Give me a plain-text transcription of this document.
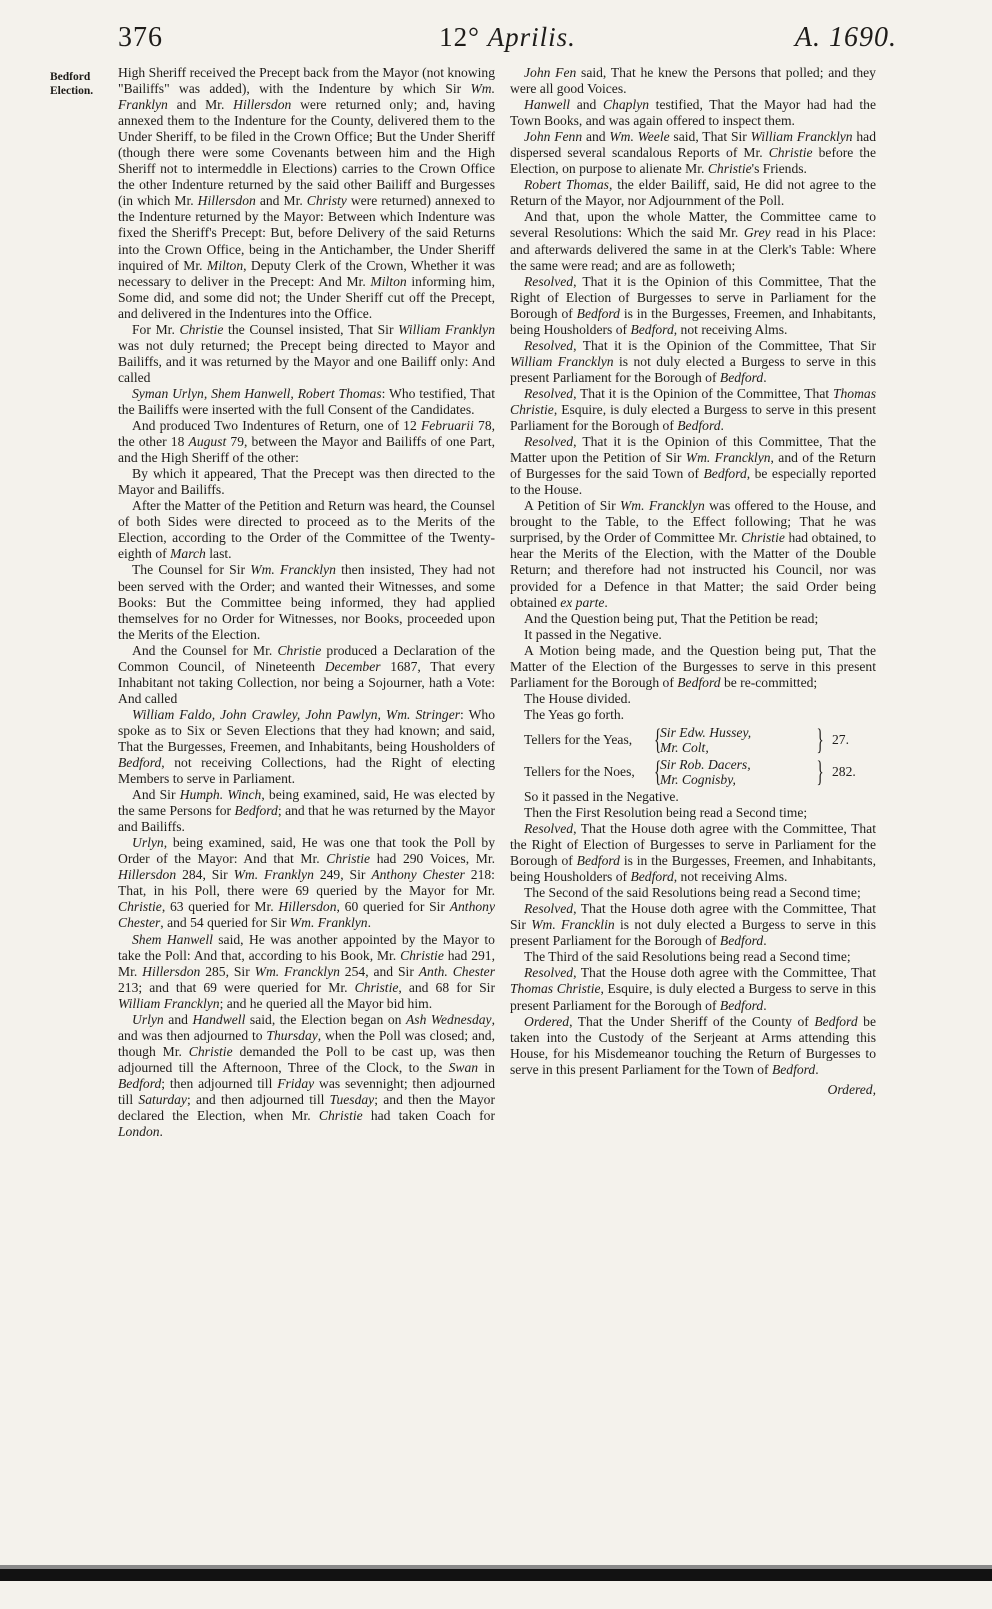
376	12° Aprilis.	A. 1690.
Bedford Election.

High Sheriff received the Precept back from the Mayor (not knowing "Bailiffs" was added), with the Indenture by which Sir Wm. Franklyn and Mr. Hillersdon were returned only; and, having annexed them to the Indenture for the County, delivered them to the Under Sheriff, to be filed in the Crown Office; But the Under Sheriff (though there were some Covenants between him and the High Sheriff not to intermeddle in Elections) carries to the Crown Office the other Indenture returned by the said other Bailiff and Burgesses (in which Mr. Hillersdon and Mr. Christy were returned) annexed to the Indenture returned by the Mayor: Between which Indenture was fixed the Sheriff's Precept: But, before Delivery of the said Returns into the Crown Office, being in the Antichamber, the Under Sheriff inquired of Mr. Milton, Deputy Clerk of the Crown, Whether it was necessary to deliver in the Precept: And Mr. Milton informing him, Some did, and some did not; the Under Sheriff cut off the Precept, and delivered in the Indentures into the Office.

For Mr. Christie the Counsel insisted, That Sir William Franklyn was not duly returned; the Precept being directed to Mayor and Bailiffs, and it was returned by the Mayor and one Bailiff only: And called

Syman Urlyn, Shem Hanwell, Robert Thomas: Who testified, That the Bailiffs were inserted with the full Consent of the Candidates.

And produced Two Indentures of Return, one of 12 Februarii 78, the other 18 August 79, between the Mayor and Bailiffs of one Part, and the High Sheriff of the other:

By which it appeared, That the Precept was then directed to the Mayor and Bailiffs.

After the Matter of the Petition and Return was heard, the Counsel of both Sides were directed to proceed as to the Merits of the Election, according to the Order of the Committee of the Twenty-eighth of March last.

The Counsel for Sir Wm. Francklyn then insisted, They had not been served with the Order; and wanted their Witnesses, and some Books: But the Committee being informed, they had applied themselves for no Order for Witnesses, nor Books, proceeded upon the Merits of the Election.

And the Counsel for Mr. Christie produced a Declaration of the Common Council, of Nineteenth December 1687, That every Inhabitant not taking Collection, nor being a Sojourner, hath a Vote: And called

William Faldo, John Crawley, John Pawlyn, Wm. Stringer: Who spoke as to Six or Seven Elections that they had known; and said, That the Burgesses, Freemen, and Inhabitants, being Housholders of Bedford, not receiving Collections, had the Right of electing Members to serve in Parliament.

And Sir Humph. Winch, being examined, said, He was elected by the same Persons for Bedford; and that he was returned by the Mayor and Bailiffs.

Urlyn, being examined, said, He was one that took the Poll by Order of the Mayor: And that Mr. Christie had 290 Voices, Mr. Hillersdon 284, Sir Wm. Franklyn 249, Sir Anthony Chester 218: That, in his Poll, there were 69 queried by the Mayor for Mr. Christie, 63 queried for Mr. Hillersdon, 60 queried for Sir Anthony Chester, and 54 queried for Sir Wm. Franklyn.

Shem Hanwell said, He was another appointed by the Mayor to take the Poll: And that, according to his Book, Mr. Christie had 291, Mr. Hillersdon 285, Sir Wm. Francklyn 254, and Sir Anth. Chester 213; and that 69 were queried for Mr. Christie, and 68 for Sir William Francklyn; and he queried all the Mayor bid him.

Urlyn and Handwell said, the Election began on Ash Wednesday, and was then adjourned to Thursday, when the Poll was closed; and, though Mr. Christie demanded the Poll to be cast up, was then adjourned till the Afternoon, Three of the Clock, to the Swan in Bedford; then adjourned till Friday was sevennight; then adjourned till Saturday; and then adjourned till Tuesday; and then the Mayor declared the Election, when Mr. Christie had taken Coach for London.

John Fen said, That he knew the Persons that polled; and they were all good Voices.

Hanwell and Chaplyn testified, That the Mayor had had the Town Books, and was again offered to inspect them.

John Fenn and Wm. Weele said, That Sir William Francklyn had dispersed several scandalous Reports of Mr. Christie before the Election, on purpose to alienate Mr. Christie's Friends.

Robert Thomas, the elder Bailiff, said, He did not agree to the Return of the Mayor, nor Adjournment of the Poll.

And that, upon the whole Matter, the Committee came to several Resolutions: Which the said Mr. Grey read in his Place: and afterwards delivered the same in at the Clerk's Table: Where the same were read; and are as followeth;

Resolved, That it is the Opinion of this Committee, That the Right of Election of Burgesses to serve in Parliament for the Borough of Bedford is in the Burgesses, Freemen, and Inhabitants, being Housholders of Bedford, not receiving Alms.

Resolved, That it is the Opinion of the Committee, That Sir William Francklyn is not duly elected a Burgess to serve in this present Parliament for the Borough of Bedford.

Resolved, That it is the Opinion of the Committee, That Thomas Christie, Esquire, is duly elected a Burgess to serve in this present Parliament for the Borough of Bedford.

Resolved, That it is the Opinion of this Committee, That the Matter upon the Petition of Sir Wm. Francklyn, and of the Return of Burgesses for the said Town of Bedford, be especially reported to the House.

A Petition of Sir Wm. Francklyn was offered to the House, and brought to the Table, to the Effect following; That he was surprised, by the Order of Committee Mr. Christie had obtained, to hear the Merits of the Election, with the Matter of the Double Return; and therefore had not instructed his Council, nor was provided for a Defence in that Matter; the said Order being obtained ex parte.

And the Question being put, That the Petition be read;

It passed in the Negative.

A Motion being made, and the Question being put, That the Matter of the Election of the Burgesses to serve in this present Parliament for the Borough of Bedford be re-committed;

The House divided.

The Yeas go forth.

Tellers for the Yeas, {
Sir Edw. Hussey,
Mr. Colt,	} 27.
Tellers for the Noes, {
Sir Rob. Dacers,
Mr. Cognisby,	} 282.

So it passed in the Negative.

Then the First Resolution being read a Second time;

Resolved, That the House doth agree with the Committee, That the Right of Election of Burgesses to serve in Parliament for the Borough of Bedford is in the Burgesses, Freemen, and Inhabitants, being Housholders of Bedford, not receiving Alms.

The Second of the said Resolutions being read a Second time;

Resolved, That the House doth agree with the Committee, That Sir Wm. Francklin is not duly elected a Burgess to serve in this present Parliament for the Borough of Bedford.

The Third of the said Resolutions being read a Second time;

Resolved, That the House doth agree with the Committee, That Thomas Christie, Esquire, is duly elected a Burgess to serve in this present Parliament for the Borough of Bedford.

Ordered, That the Under Sheriff of the County of Bedford be taken into the Custody of the Serjeant at Arms attending this House, for his Misdemeanor touching the Return of Burgesses to serve in this present Parliament for the Town of Bedford.

Ordered,
